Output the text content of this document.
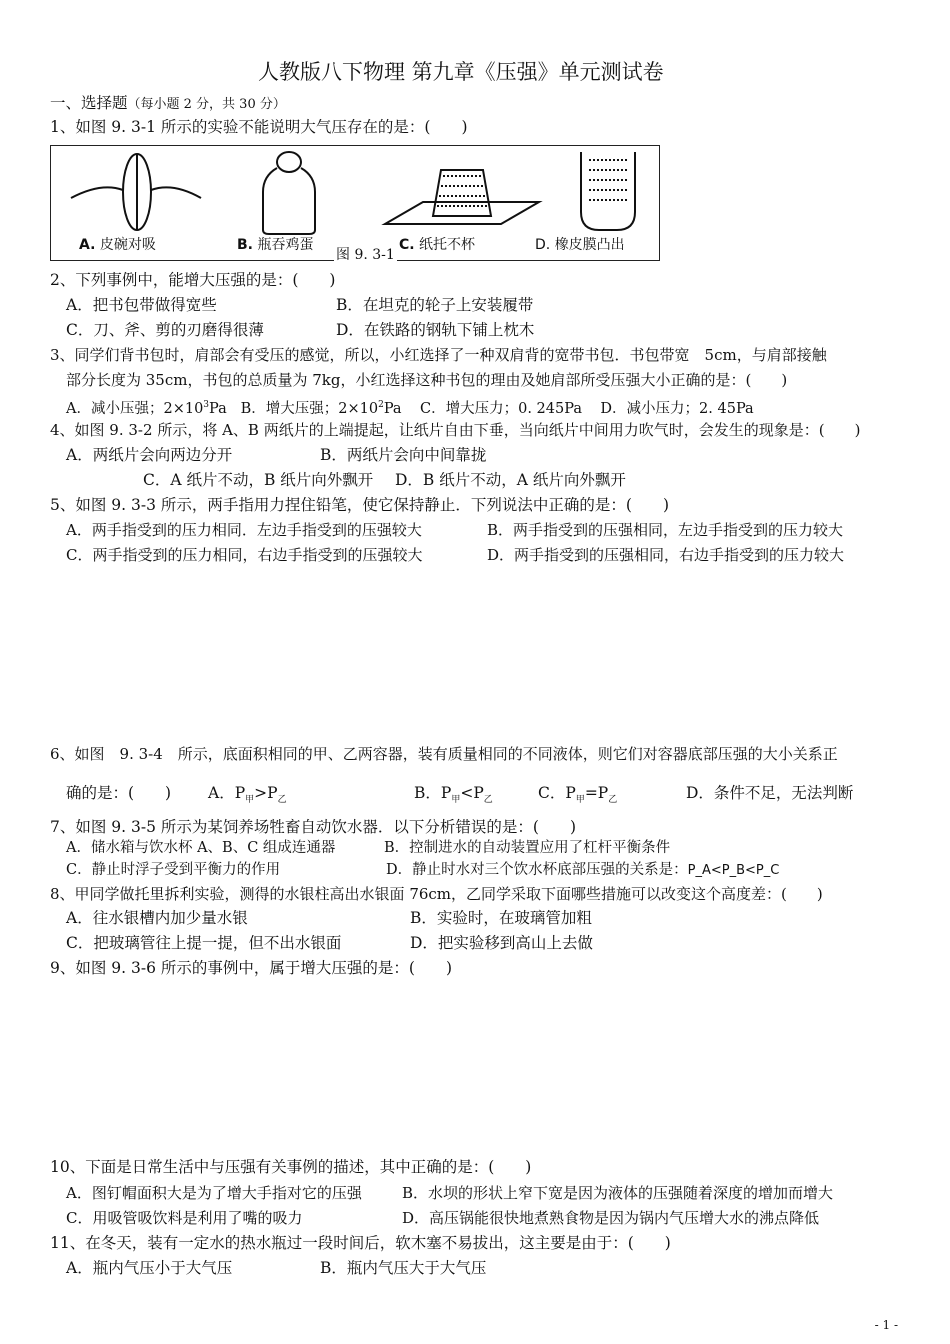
人教版八下物理 第九章《压强》单元测试卷
一、选择题（每小题 2 分，共 30 分）
1、如图 9. 3-1 所示的实验不能说明大气压存在的是：(　　)
A. 皮碗对吸	B. 瓶吞鸡蛋
图 9. 3-1
C. 纸托不杯	D. 橡皮膜凸出
2、下列事例中，能增大压强的是：(　　)
A．把书包带做得宽些	B．在坦克的轮子上安装履带
C．刀、斧、剪的刃磨得很薄	D．在铁路的钢轨下铺上枕木
3、同学们背书包时，肩部会有受压的感觉，所以，小红选择了一种双肩背的宽带书包．书包带宽　5cm，与肩部接触
部分长度为 35cm，书包的总质量为 7kg，小红选择这种书包的理由及她肩部所受压强大小正确的是：(　　)
A．减小压强；$2\times 10^3Pa$ B．增大压强；$2\times 10^2Pa$ C．增大压力；0. 245Pa D．减小压力；2. 45Pa
4、如图 9. 3-2 所示，将 A、B 两纸片的上端提起，让纸片自由下垂，当向纸片中间用力吹气时，会发生的现象是：(　　)
A．两纸片会向两边分开	B．两纸片会向中间靠拢
C．A 纸片不动，B 纸片向外飘开 D．B 纸片不动，A 纸片向外飘开
5、如图 9. 3-3 所示，两手指用力捏住铅笔，使它保持静止．下列说法中正确的是：(　　)
A．两手指受到的压力相同．左边手指受到的压强较大	B．两手指受到的压强相同，左边手指受到的压力较大
C．两手指受到的压力相同，右边手指受到的压强较大	D．两手指受到的压强相同，右边手指受到的压力较大
6、如图　9. 3-4　所示，底面积相同的甲、乙两容器，装有质量相同的不同液体，则它们对容器底部压强的大小关系正
确的是：(　　) A．$P_甲>P_乙$	B．$P_甲<P_乙$	C．$P_甲=P_乙$	D．条件不足，无法判断
7、如图 9. 3-5 所示为某饲养场牲畜自动饮水器．以下分析错误的是：(　　)
A．储水箱与饮水杯 A、B、C 组成连通器	B．控制进水的自动装置应用了杠杆平衡条件
C．静止时浮子受到平衡力的作用	D．静止时水对三个饮水杯底部压强的关系是：P_A<P_B<P_C
8、甲同学做托里拆利实验，测得的水银柱高出水银面 76cm，乙同学采取下面哪些措施可以改变这个高度差：(　　)
A．往水银槽内加少量水银	B．实验时，在玻璃管加粗
C．把玻璃管往上提一提，但不出水银面	D．把实验移到高山上去做
9、如图 9. 3-6 所示的事例中，属于增大压强的是：(　　)
10、下面是日常生活中与压强有关事例的描述，其中正确的是：(　　)
A．图钉帽面积大是为了增大手指对它的压强	B．水坝的形状上窄下宽是因为液体的压强随着深度的增加而增大
C．用吸管吸饮料是利用了嘴的吸力	D．高压锅能很快地煮熟食物是因为锅内气压增大水的沸点降低
11、在冬天，装有一定水的热水瓶过一段时间后，软木塞不易拔出，这主要是由于：(　　)
A．瓶内气压小于大气压	B．瓶内气压大于大气压
- 1 -
